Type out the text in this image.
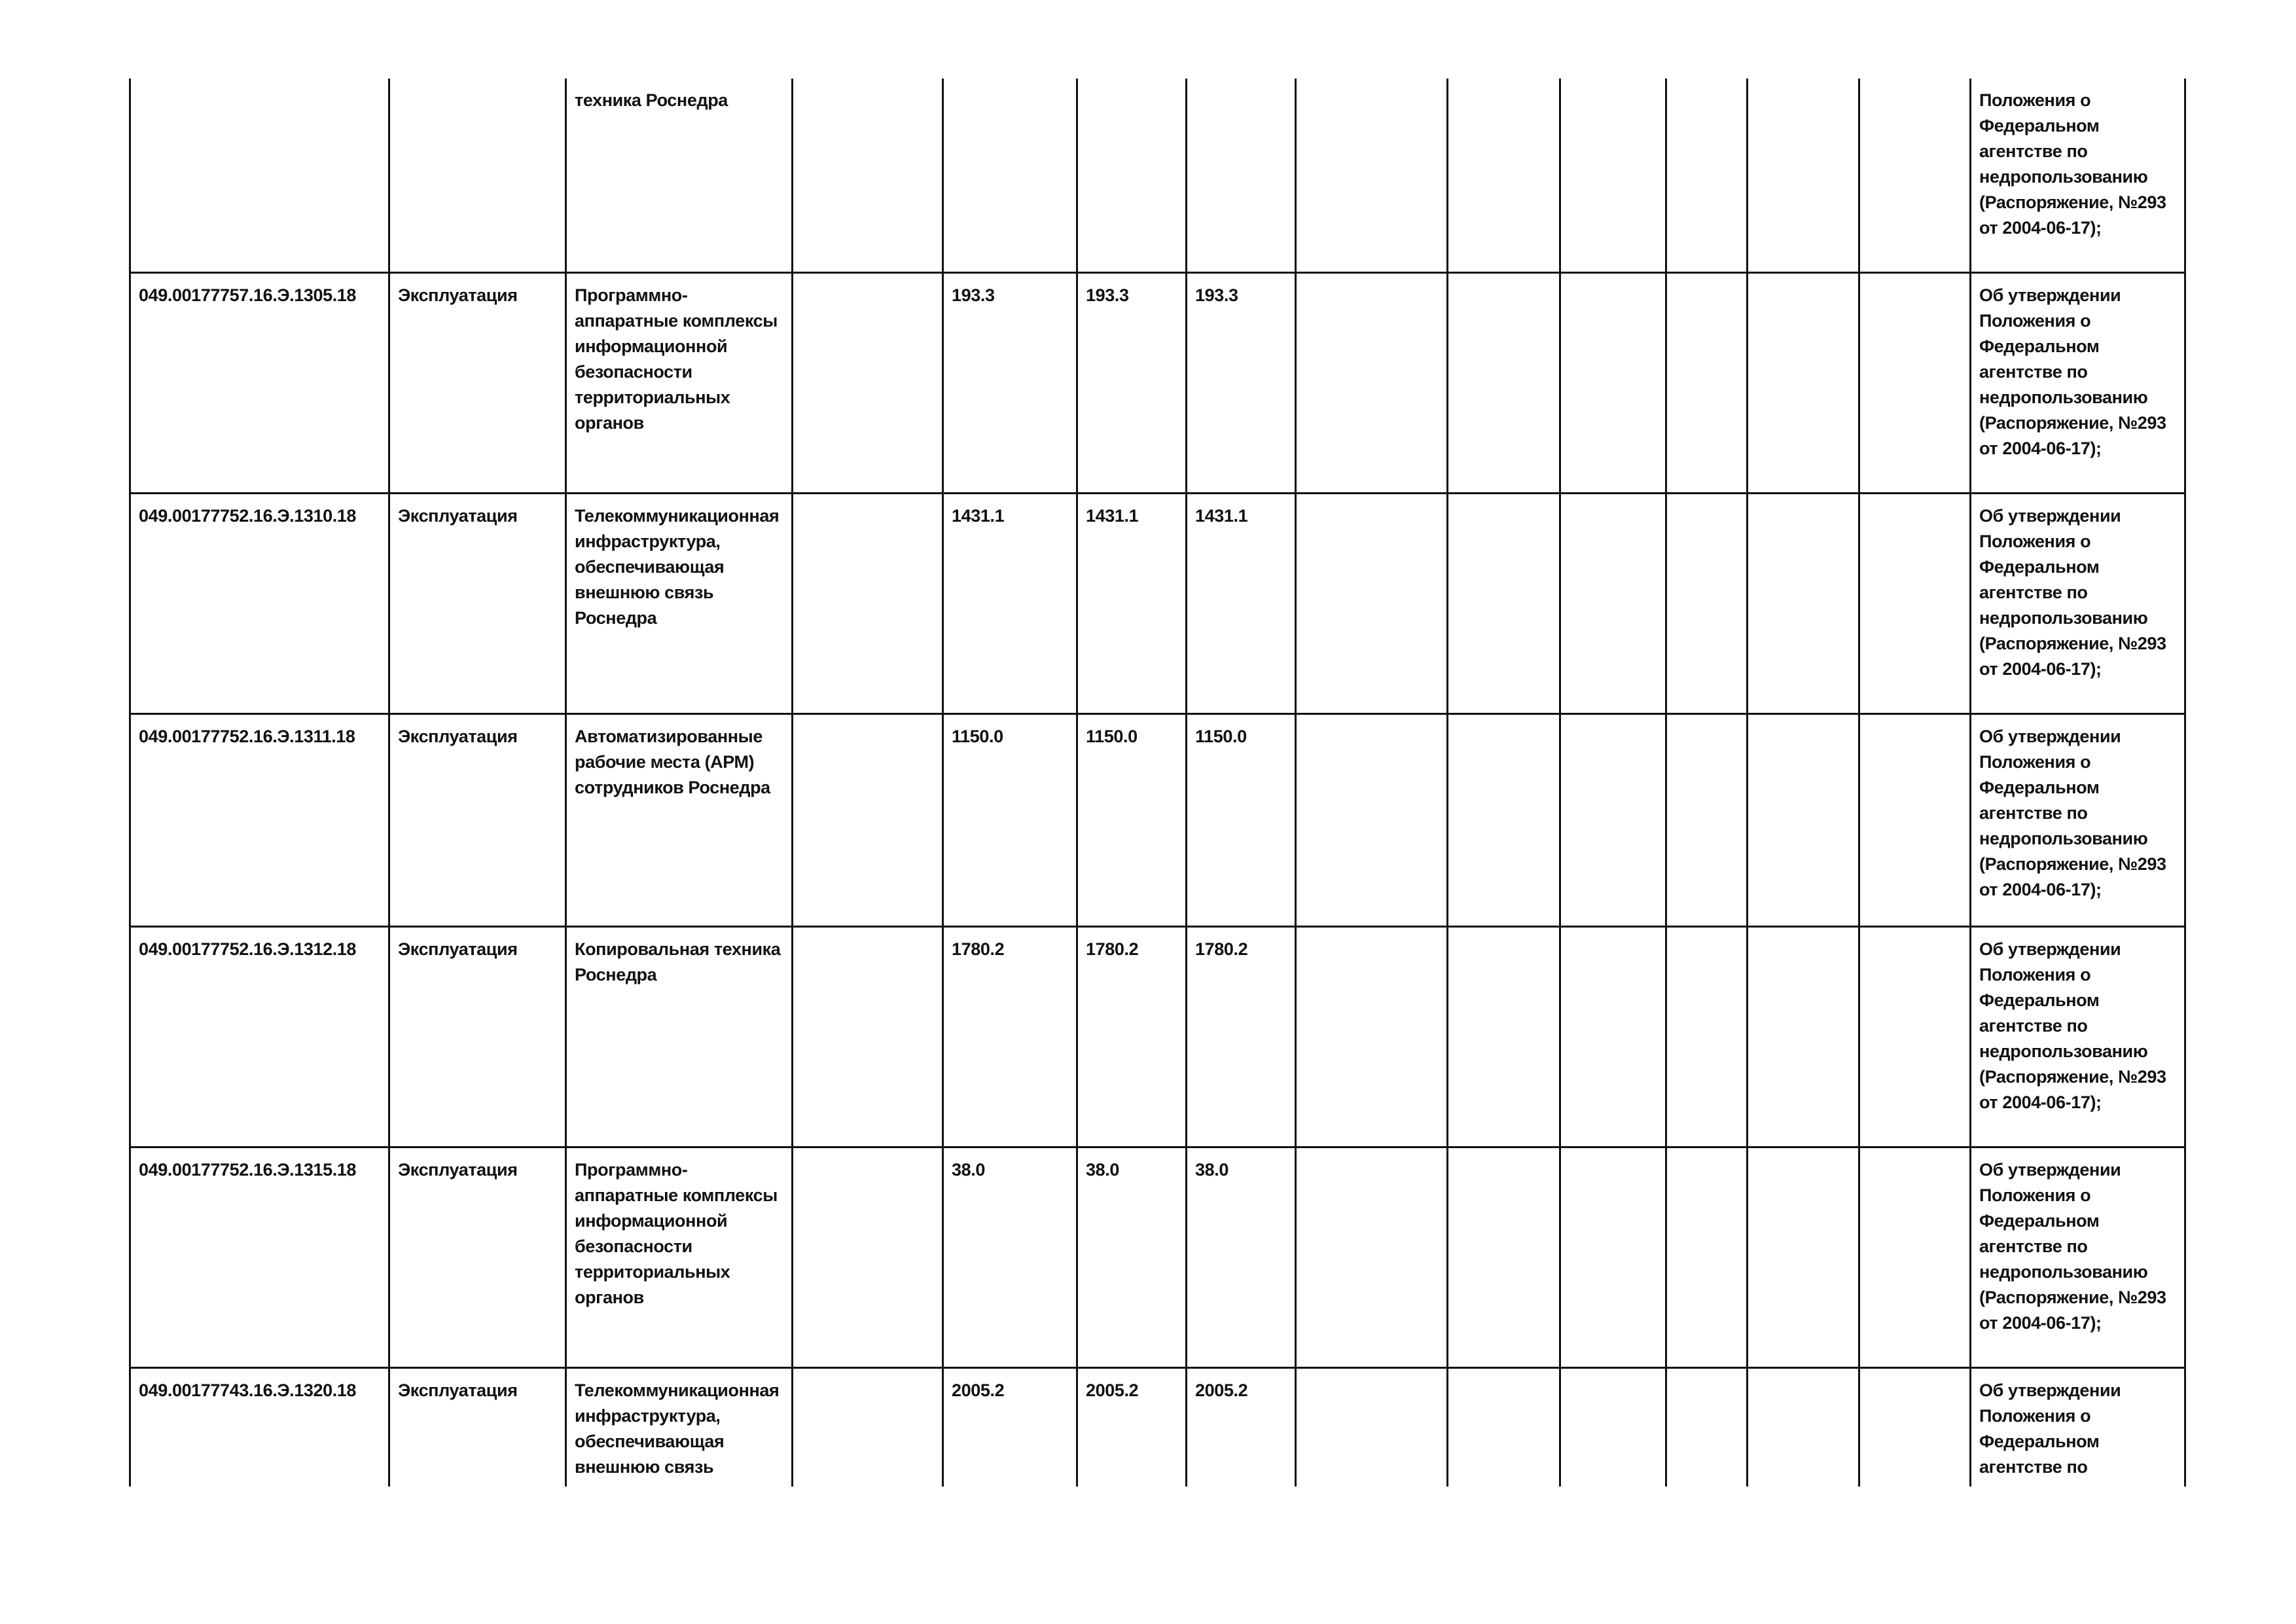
		техника Роснедра											Положения о Федеральном агентстве по недропользованию (Распоряжение, №293 от 2004-06-17);
049.00177757.16.Э.1305.18	Эксплуатация	Программно-аппаратные комплексы информационной безопасности территориальных органов		193.3	193.3	193.3							Об утверждении Положения о Федеральном агентстве по недропользованию (Распоряжение, №293 от 2004-06-17);
049.00177752.16.Э.1310.18	Эксплуатация	Телекоммуникационная инфраструктура, обеспечивающая внешнюю связь Роснедра		1431.1	1431.1	1431.1							Об утверждении Положения о Федеральном агентстве по недропользованию (Распоряжение, №293 от 2004-06-17);
049.00177752.16.Э.1311.18	Эксплуатация	Автоматизированные рабочие места (АРМ) сотрудников Роснедра		1150.0	1150.0	1150.0							Об утверждении Положения о Федеральном агентстве по недропользованию (Распоряжение, №293 от 2004-06-17);
049.00177752.16.Э.1312.18	Эксплуатация	Копировальная техника Роснедра		1780.2	1780.2	1780.2							Об утверждении Положения о Федеральном агентстве по недропользованию (Распоряжение, №293 от 2004-06-17);
049.00177752.16.Э.1315.18	Эксплуатация	Программно-аппаратные комплексы информационной безопасности территориальных органов		38.0	38.0	38.0							Об утверждении Положения о Федеральном агентстве по недропользованию (Распоряжение, №293 от 2004-06-17);
049.00177743.16.Э.1320.18	Эксплуатация	Телекоммуникационная инфраструктура, обеспечивающая внешнюю связь		2005.2	2005.2	2005.2							Об утверждении Положения о Федеральном агентстве по
